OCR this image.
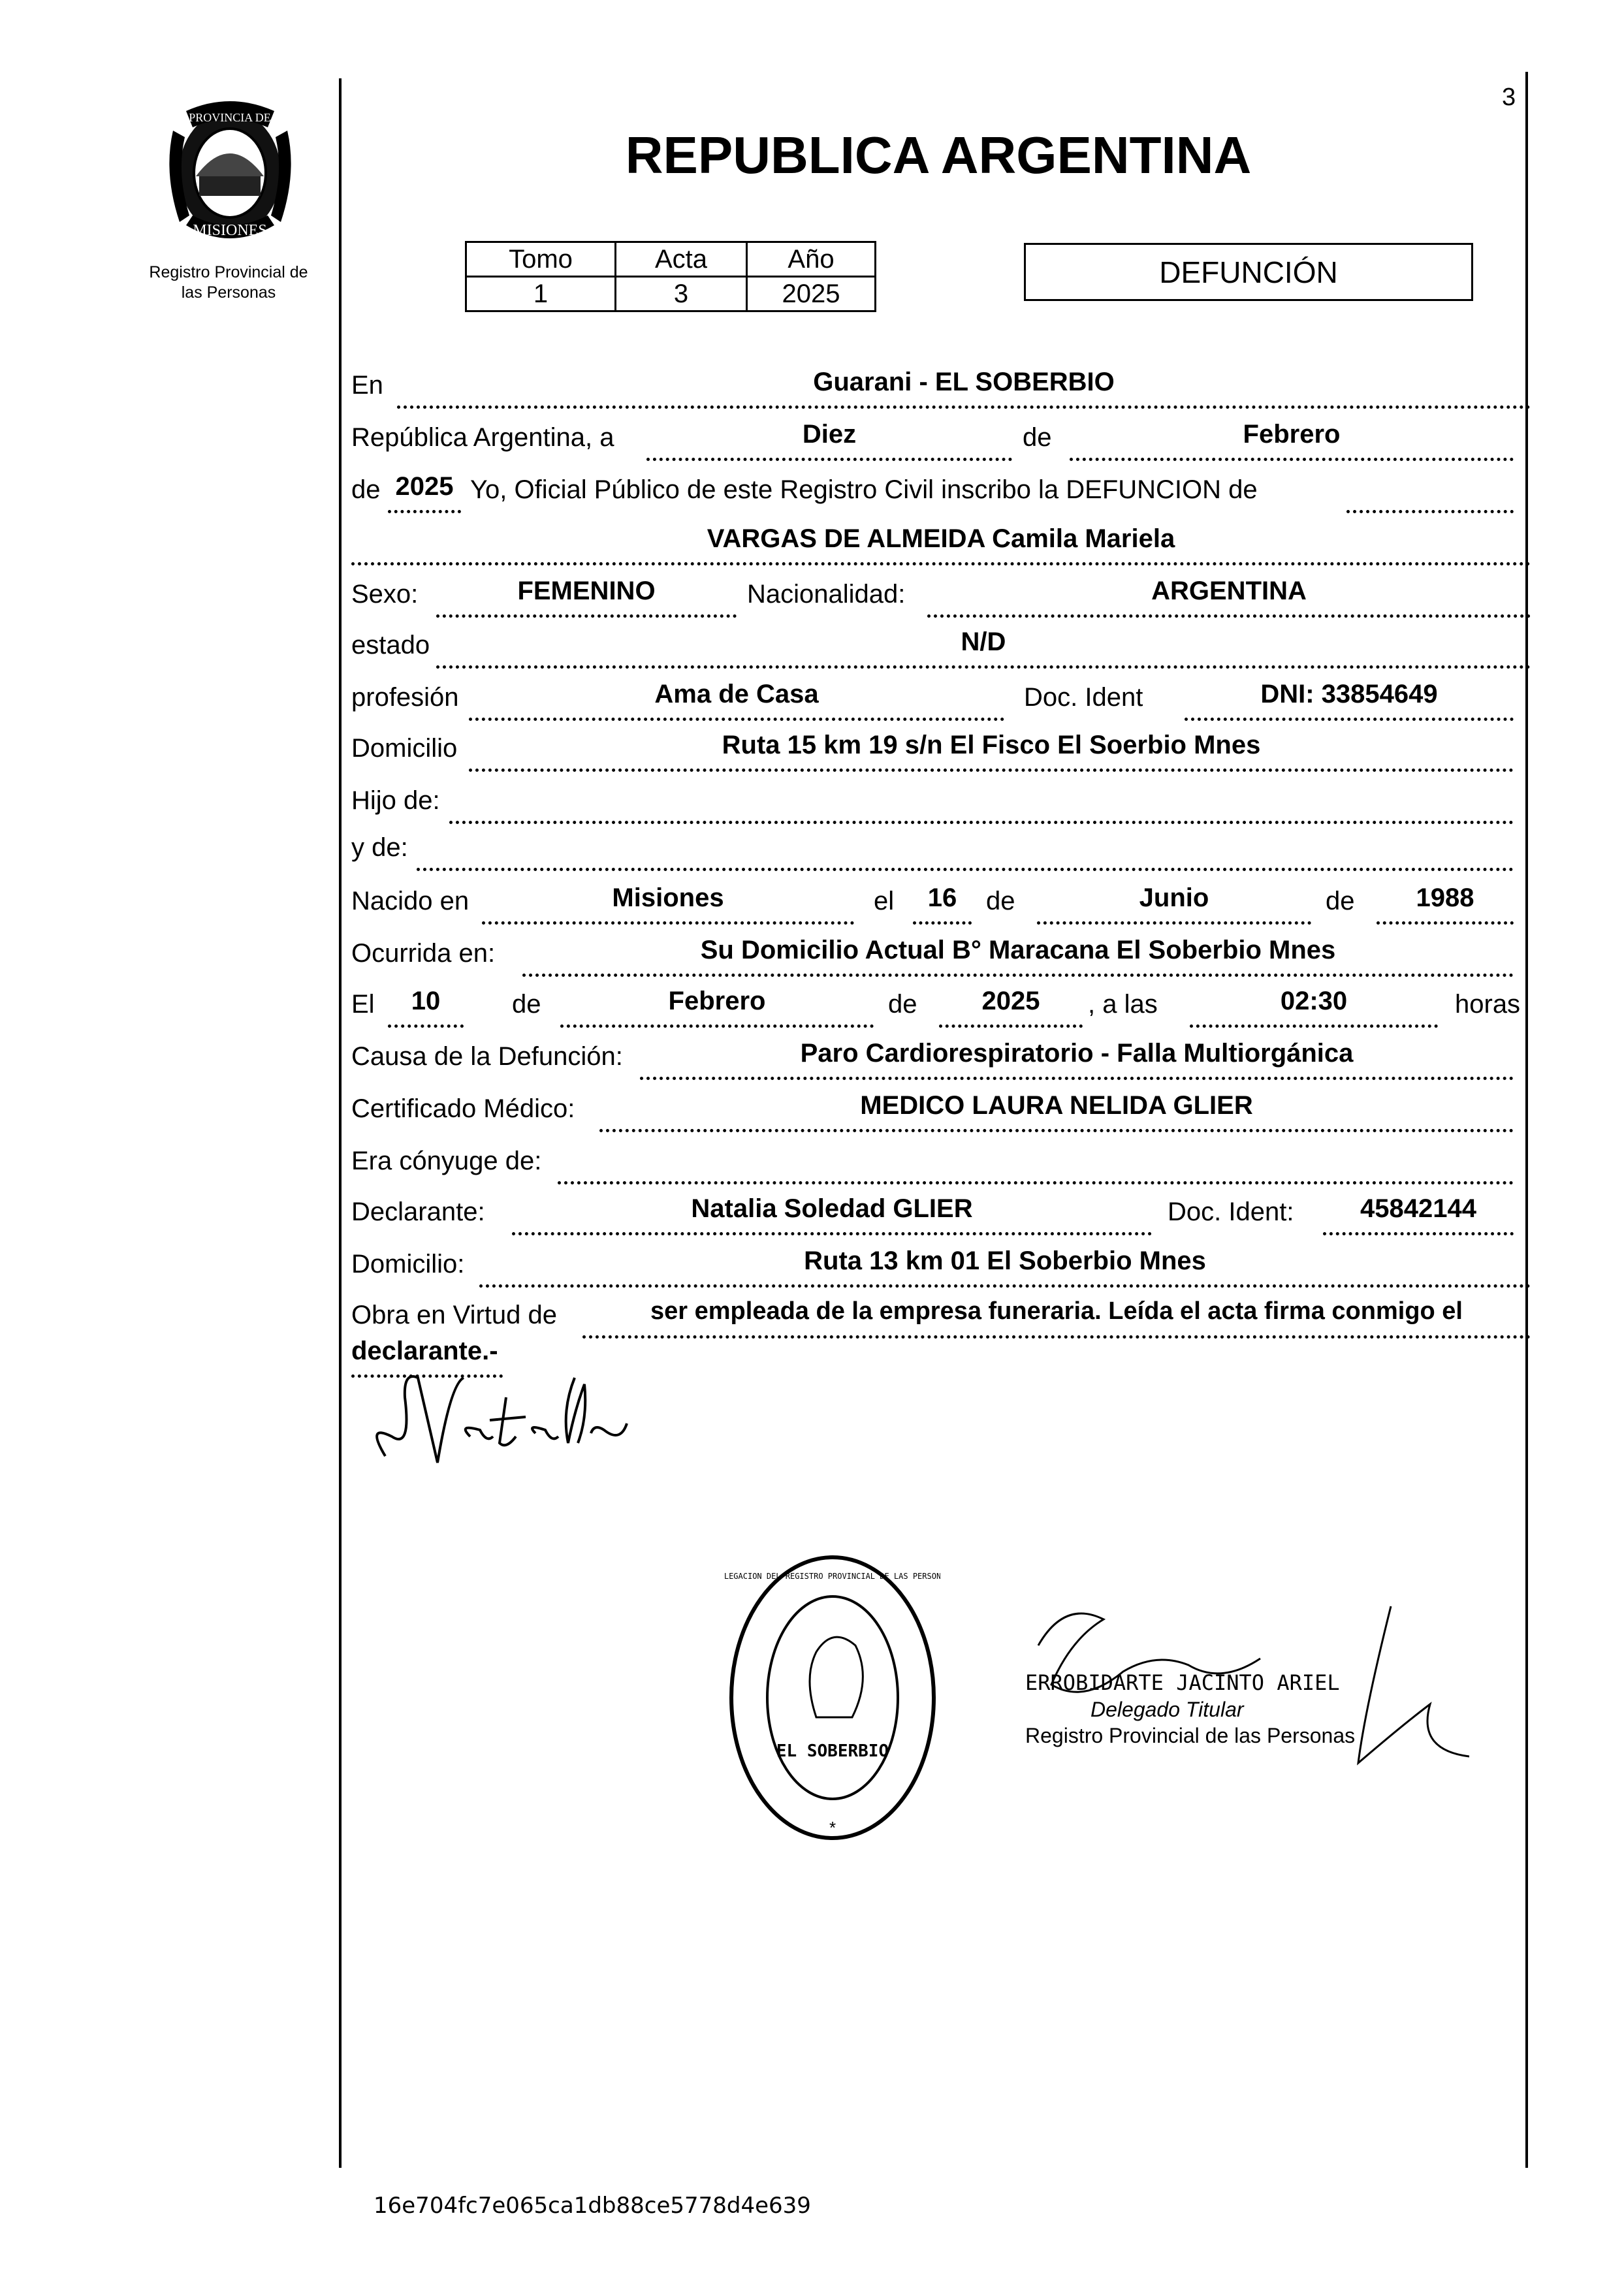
3
PROVINCIA DE
MISIONES
Registro Provincial de
las Personas
REPUBLICA ARGENTINA
Tomo	Acta	Año
1	3	2025
DEFUNCIÓN
En	Guarani - EL SOBERBIO
República Argentina, a	Diez	de	Febrero
de 2025 Yo, Oficial Público de este Registro Civil inscribo la DEFUNCION de
VARGAS DE ALMEIDA Camila Mariela
Sexo:	FEMENINO	Nacionalidad:	ARGENTINA
estado	N/D
profesión	Ama de Casa	Doc. Ident	DNI: 33854649
Domicilio	Ruta 15 km 19 s/n El Fisco El Soerbio Mnes
Hijo de:
y de:
Nacido en	Misiones	el	16	de	Junio	de	1988
Ocurrida en:	Su Domicilio Actual B° Maracana El Soberbio Mnes
El	10	de	Febrero	de	2025	, a las	02:30	horas
Causa de la Defunción:	Paro Cardiorespiratorio - Falla Multiorgánica
Certificado Médico:	MEDICO LAURA NELIDA GLIER
Era cónyuge de:
Declarante:	Natalia Soledad GLIER	Doc. Ident:	45842144
Domicilio:	Ruta 13 km 01 El Soberbio Mnes
Obra en Virtud de	ser empleada de la empresa funeraria. Leída el acta firma conmigo el
declarante.-
EL SOBERBIO
DELEGACION DEL REGISTRO PROVINCIAL DE LAS PERSONAS
*
ERROBIDARTE JACINTO ARIEL
Delegado Titular
Registro Provincial de las Personas
16e704fc7e065ca1db88ce5778d4e639
